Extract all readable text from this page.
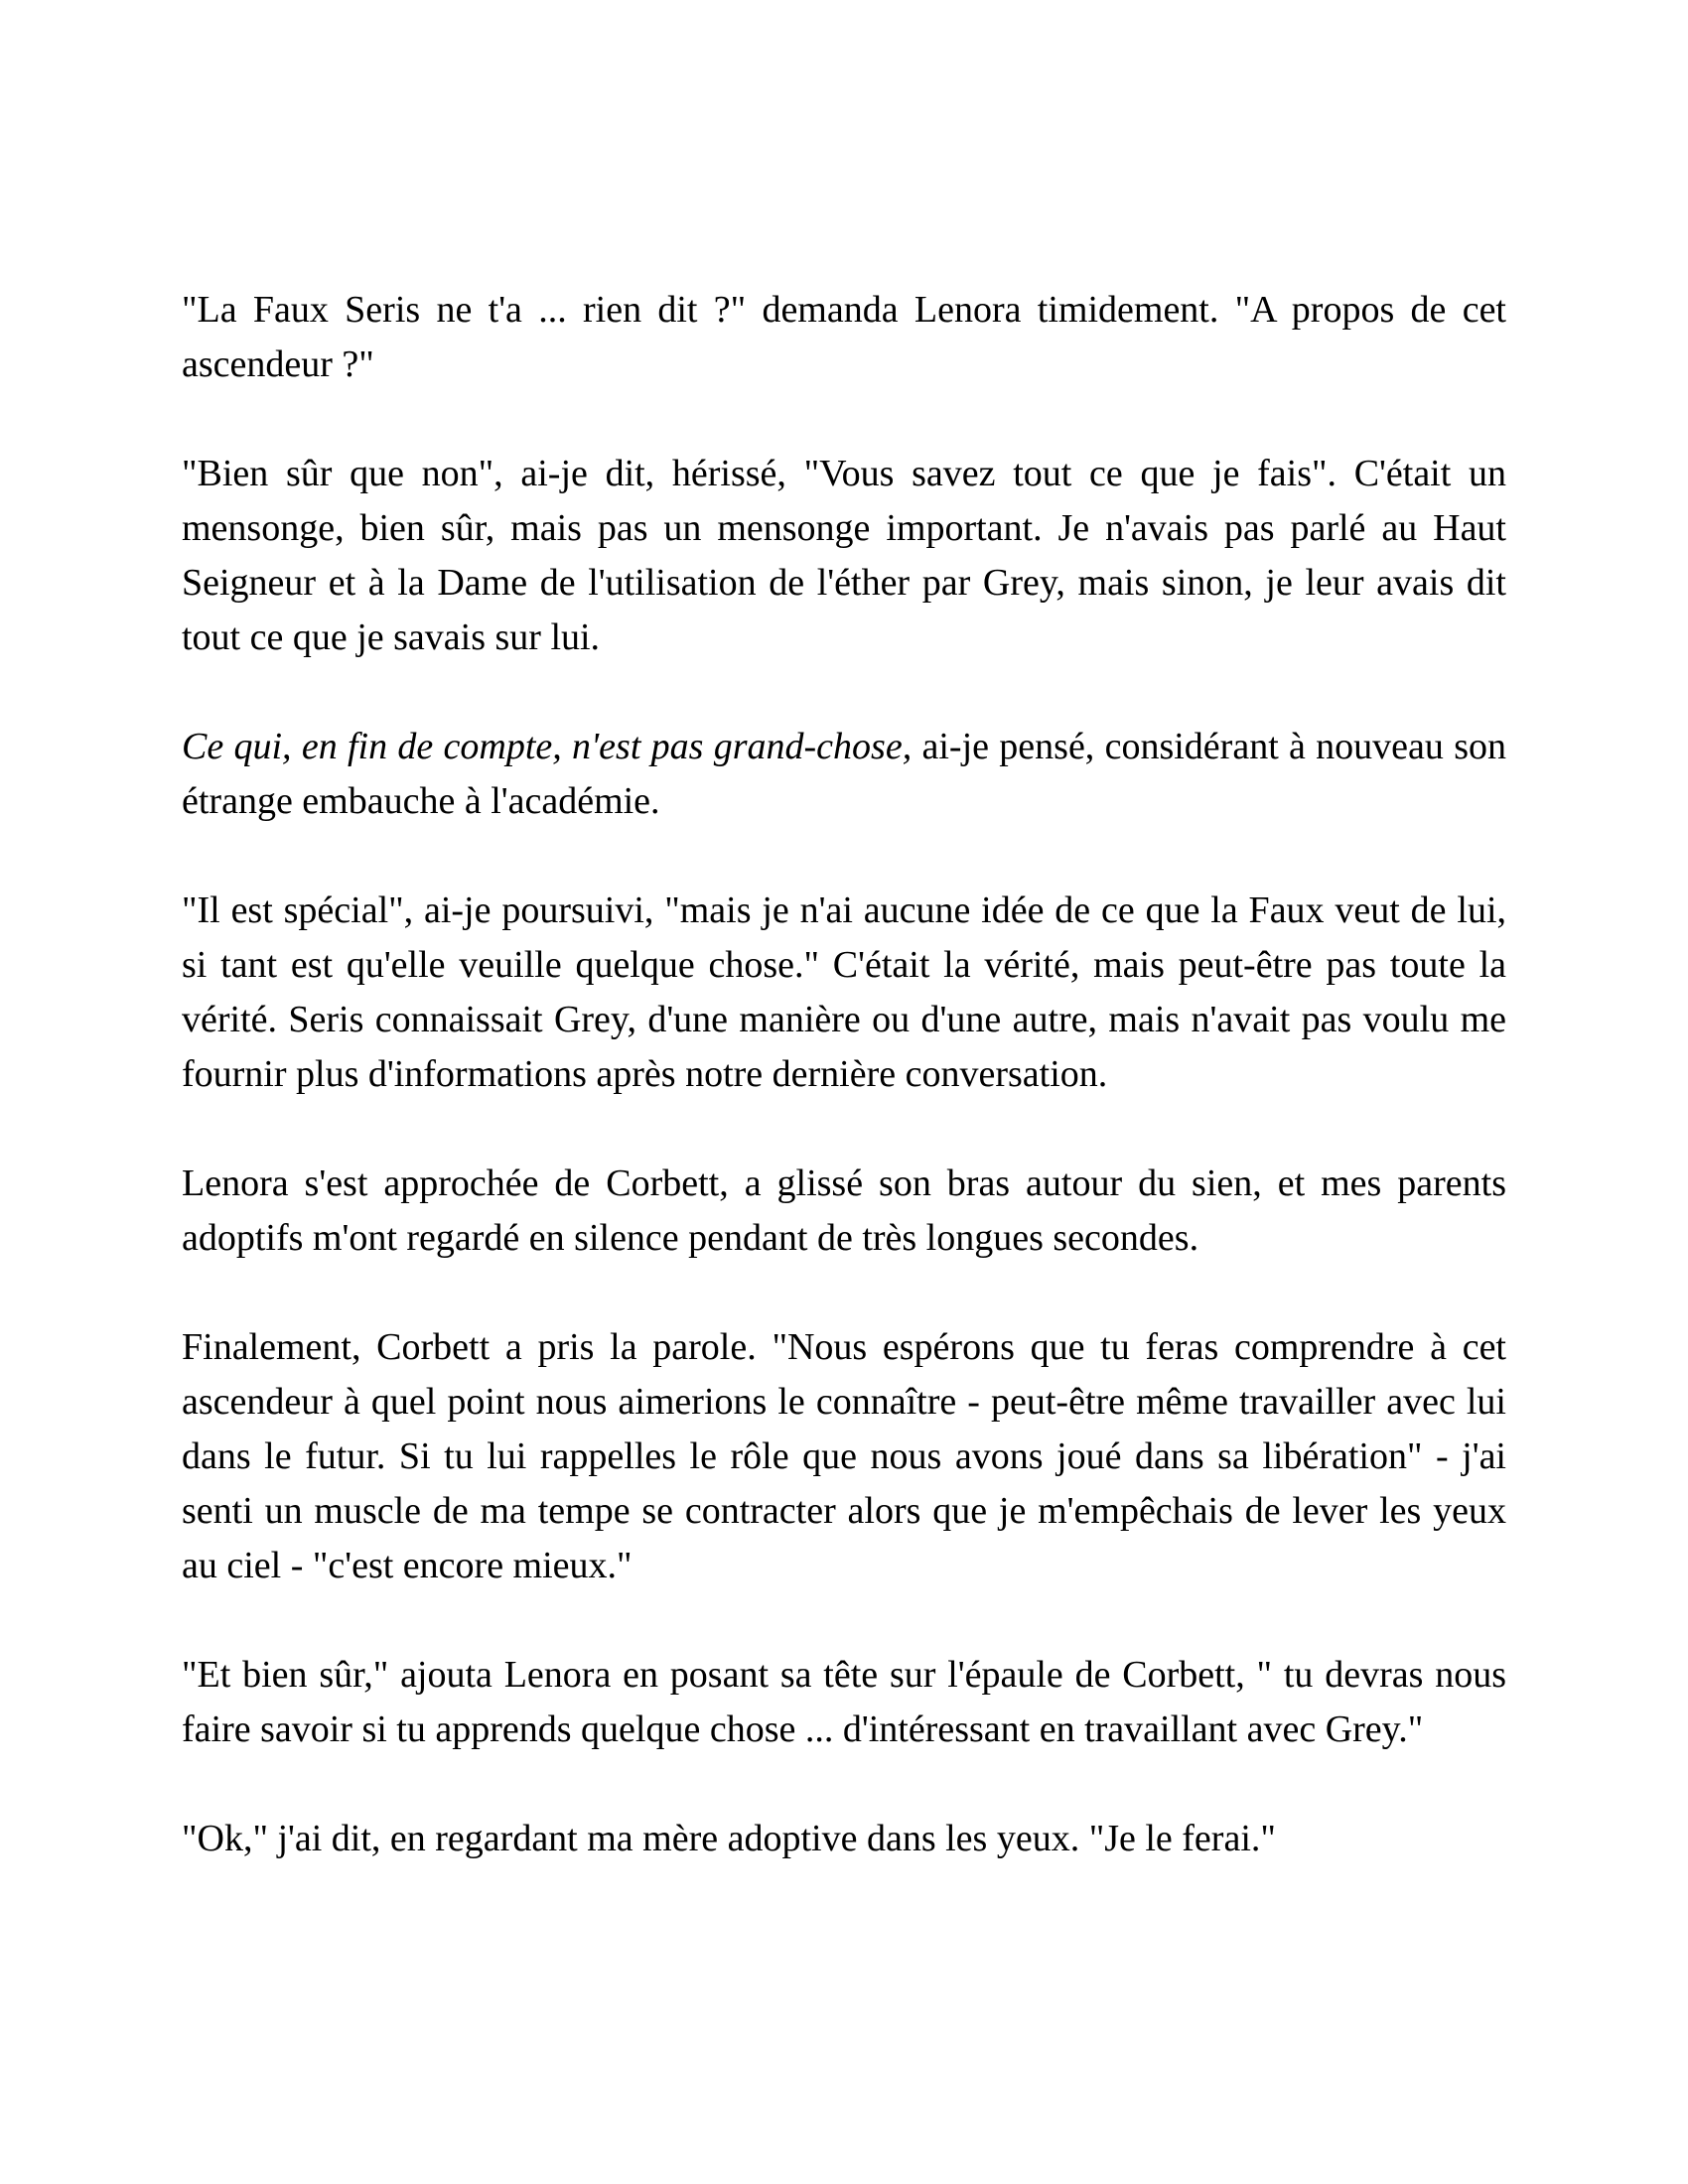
"La Faux Seris ne t'a ... rien dit ?" demanda Lenora timidement. "A propos de cet ascendeur ?"

"Bien sûr que non", ai-je dit, hérissé, "Vous savez tout ce que je fais". C'était un mensonge, bien sûr, mais pas un mensonge important. Je n'avais pas parlé au Haut Seigneur et à la Dame de l'utilisation de l'éther par Grey, mais sinon, je leur avais dit tout ce que je savais sur lui.

Ce qui, en fin de compte, n'est pas grand-chose, ai-je pensé, considérant à nouveau son étrange embauche à l'académie.

"Il est spécial", ai-je poursuivi, "mais je n'ai aucune idée de ce que la Faux veut de lui, si tant est qu'elle veuille quelque chose." C'était la vérité, mais peut-être pas toute la vérité. Seris connaissait Grey, d'une manière ou d'une autre, mais n'avait pas voulu me fournir plus d'informations après notre dernière conversation.

Lenora s'est approchée de Corbett, a glissé son bras autour du sien, et mes parents adoptifs m'ont regardé en silence pendant de très longues secondes.

Finalement, Corbett a pris la parole. "Nous espérons que tu feras comprendre à cet ascendeur à quel point nous aimerions le connaître - peut-être même travailler avec lui dans le futur. Si tu lui rappelles le rôle que nous avons joué dans sa libération" - j'ai senti un muscle de ma tempe se contracter alors que je m'empêchais de lever les yeux au ciel - "c'est encore mieux."

"Et bien sûr," ajouta Lenora en posant sa tête sur l'épaule de Corbett, " tu devras nous faire savoir si tu apprends quelque chose ... d'intéressant en travaillant avec Grey."

"Ok," j'ai dit, en regardant ma mère adoptive dans les yeux. "Je le ferai."
